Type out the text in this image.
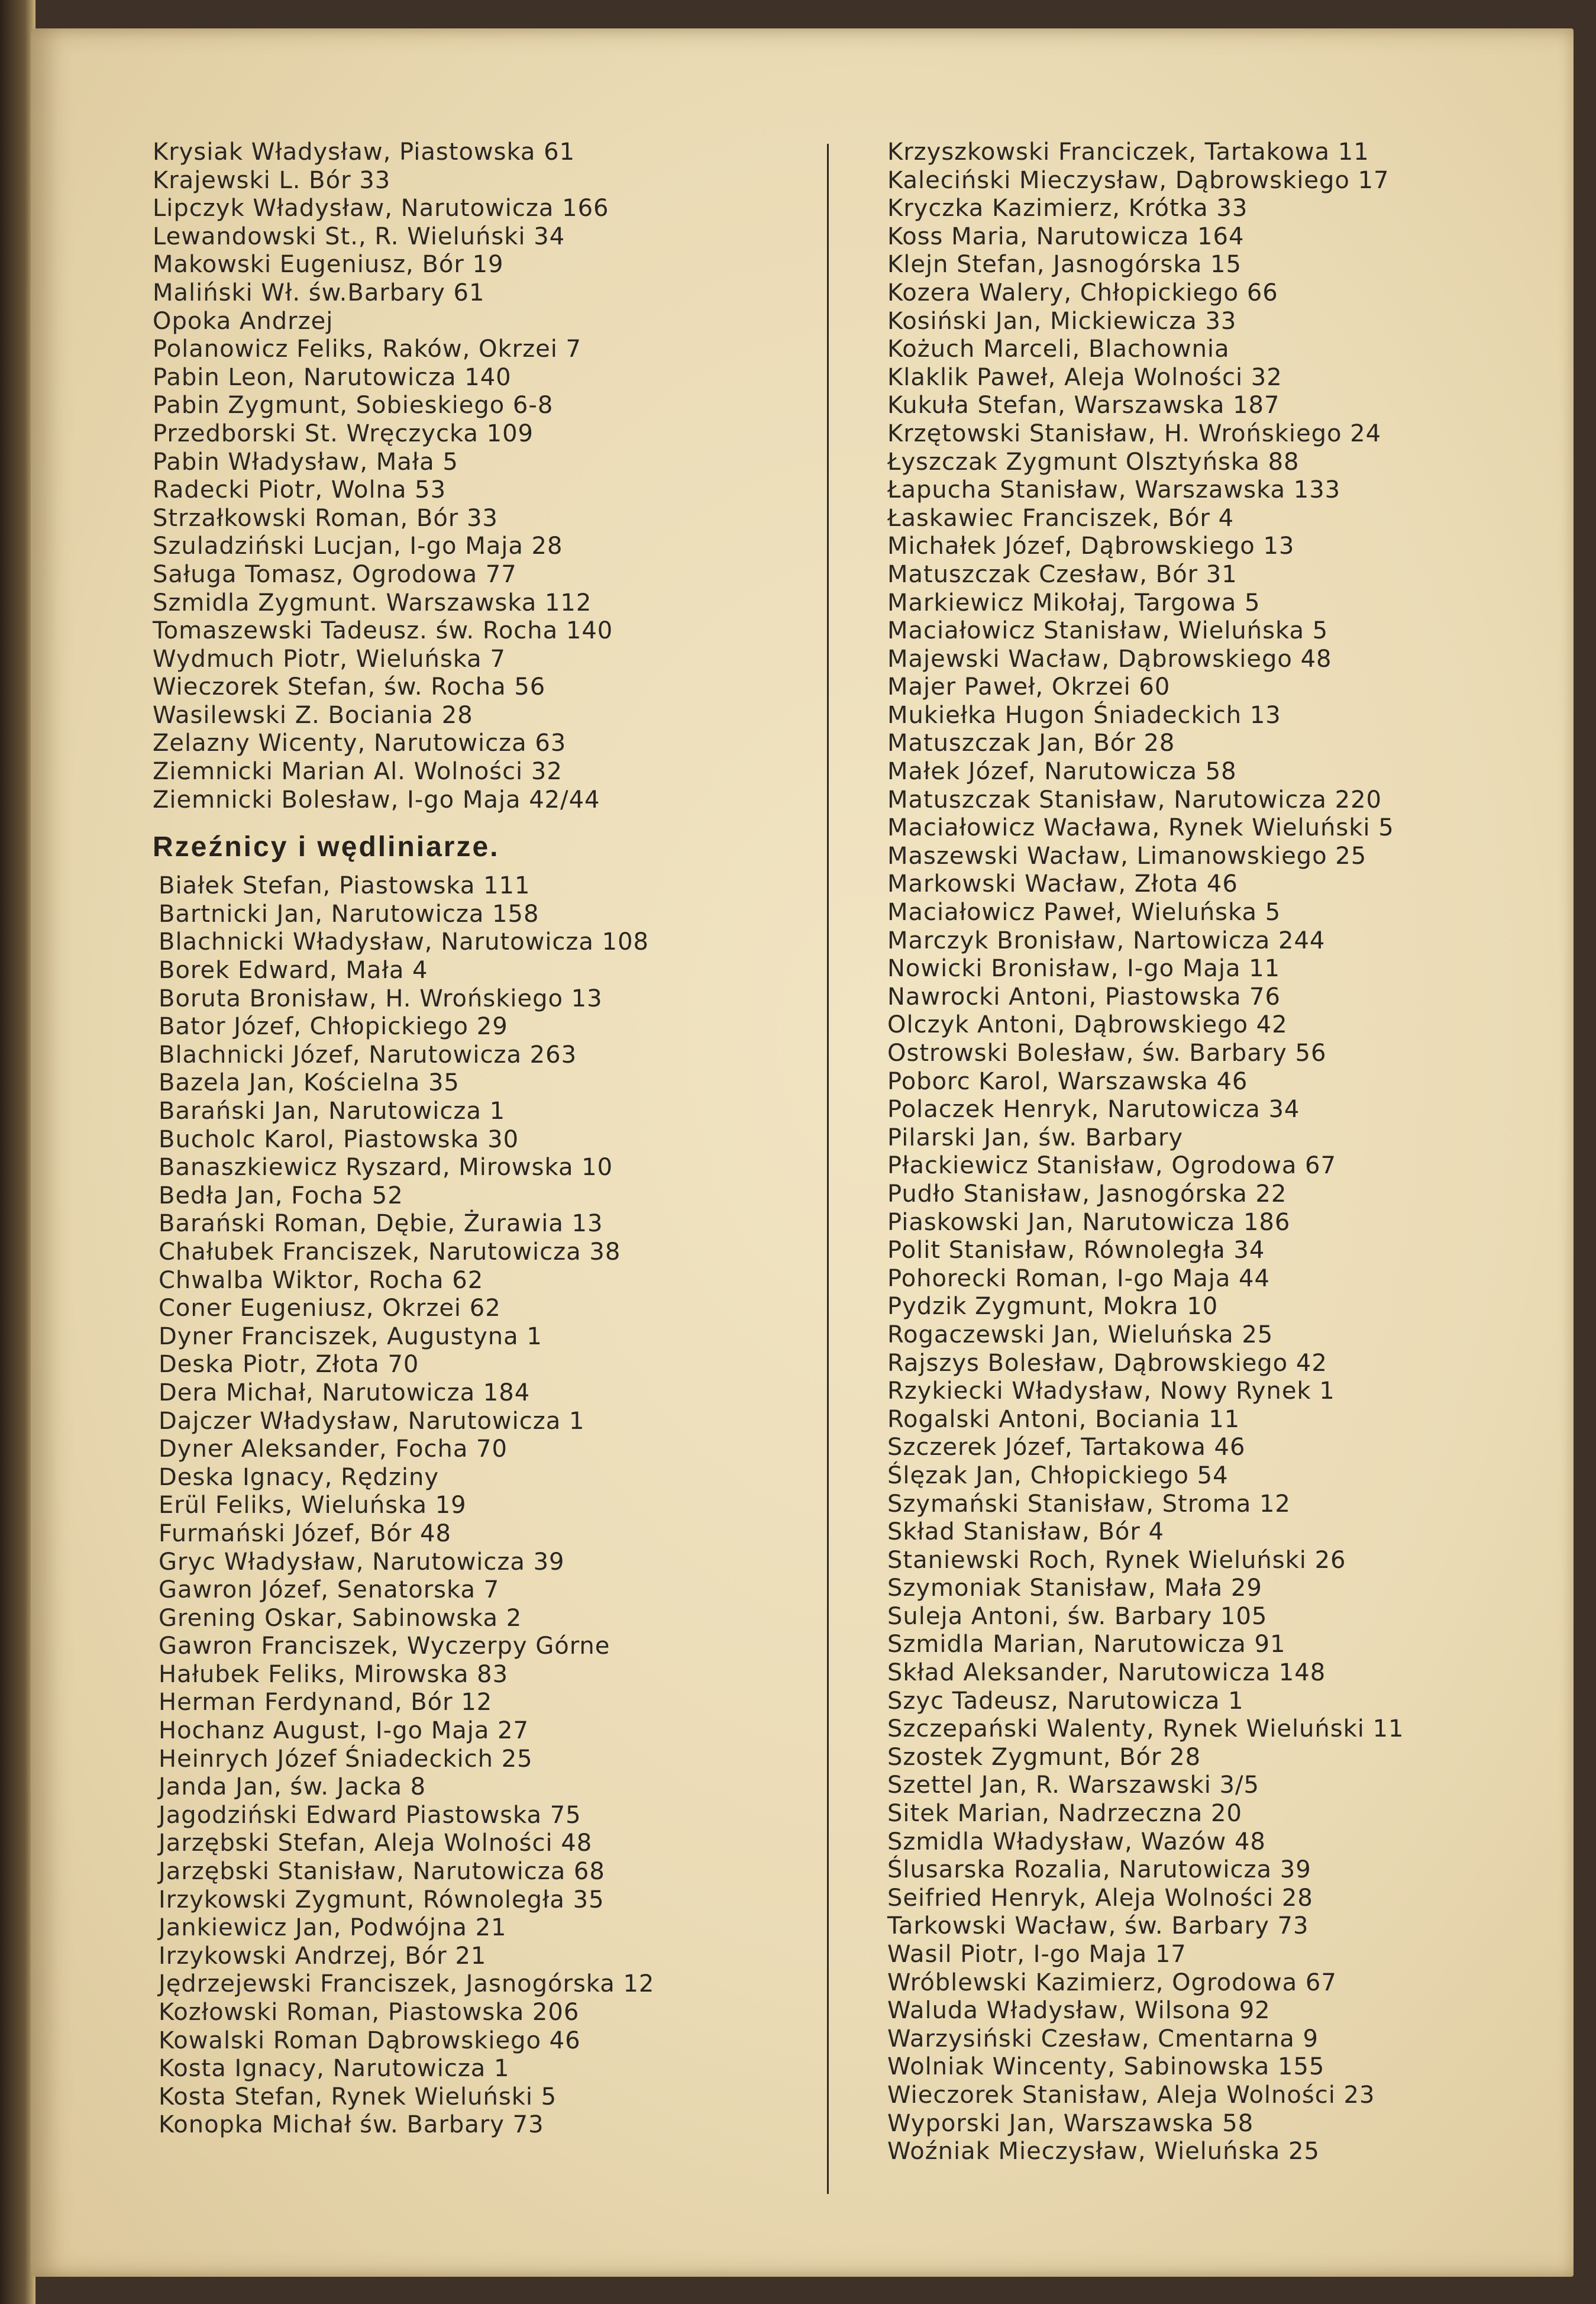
Krysiak Władysław, Piastowska 61
Krajewski L. Bór 33
Lipczyk Władysław, Narutowicza 166
Lewandowski St., R. Wieluński 34
Makowski Eugeniusz, Bór 19
Maliński Wł. św.Barbary 61
Opoka Andrzej
Polanowicz Feliks, Raków, Okrzei 7
Pabin Leon, Narutowicza 140
Pabin Zygmunt, Sobieskiego 6-8
Przedborski St. Wręczycka 109
Pabin Władysław, Mała 5
Radecki Piotr, Wolna 53
Strzałkowski Roman, Bór 33
Szuladziński Lucjan, I-go Maja 28
Saługa Tomasz, Ogrodowa 77
Szmidla Zygmunt. Warszawska 112
Tomaszewski Tadeusz. św. Rocha 140
Wydmuch Piotr, Wieluńska 7
Wieczorek Stefan, św. Rocha 56
Wasilewski Z. Bociania 28
Zelazny Wicenty, Narutowicza 63
Ziemnicki Marian Al. Wolności 32
Ziemnicki Bolesław, I-go Maja 42/44
Rzeźnicy i wędliniarze.
Białek Stefan, Piastowska 111
Bartnicki Jan, Narutowicza 158
Blachnicki Władysław, Narutowicza 108
Borek Edward, Mała 4
Boruta Bronisław, H. Wrońskiego 13
Bator Józef, Chłopickiego 29
Blachnicki Józef, Narutowicza 263
Bazela Jan, Kościelna 35
Barański Jan, Narutowicza 1
Bucholc Karol, Piastowska 30
Banaszkiewicz Ryszard, Mirowska 10
Bedła Jan, Focha 52
Barański Roman, Dębie, Żurawia 13
Chałubek Franciszek, Narutowicza 38
Chwalba Wiktor, Rocha 62
Coner Eugeniusz, Okrzei 62
Dyner Franciszek, Augustyna 1
Deska Piotr, Złota 70
Dera Michał, Narutowicza 184
Dajczer Władysław, Narutowicza 1
Dyner Aleksander, Focha 70
Deska Ignacy, Rędziny
Erül Feliks, Wieluńska 19
Furmański Józef, Bór 48
Gryc Władysław, Narutowicza 39
Gawron Józef, Senatorska 7
Grening Oskar, Sabinowska 2
Gawron Franciszek, Wyczerpy Górne
Hałubek Feliks, Mirowska 83
Herman Ferdynand, Bór 12
Hochanz August, I-go Maja 27
Heinrych Józef Śniadeckich 25
Janda Jan, św. Jacka 8
Jagodziński Edward Piastowska 75
Jarzębski Stefan, Aleja Wolności 48
Jarzębski Stanisław, Narutowicza 68
Irzykowski Zygmunt, Równoległa 35
Jankiewicz Jan, Podwójna 21
Irzykowski Andrzej, Bór 21
Jędrzejewski Franciszek, Jasnogórska 12
Kozłowski Roman, Piastowska 206
Kowalski Roman Dąbrowskiego 46
Kosta Ignacy, Narutowicza 1
Kosta Stefan, Rynek Wieluński 5
Konopka Michał św. Barbary 73
Krzyszkowski Franciczek, Tartakowa 11
Kaleciński Mieczysław, Dąbrowskiego 17
Kryczka Kazimierz, Krótka 33
Koss Maria, Narutowicza 164
Klejn Stefan, Jasnogórska 15
Kozera Walery, Chłopickiego 66
Kosiński Jan, Mickiewicza 33
Kożuch Marceli, Blachownia
Klaklik Paweł, Aleja Wolności 32
Kukuła Stefan, Warszawska 187
Krzętowski Stanisław, H. Wrońskiego 24
Łyszczak Zygmunt Olsztyńska 88
Łapucha Stanisław, Warszawska 133
Łaskawiec Franciszek, Bór 4
Michałek Józef, Dąbrowskiego 13
Matuszczak Czesław, Bór 31
Markiewicz Mikołaj, Targowa 5
Maciałowicz Stanisław, Wieluńska 5
Majewski Wacław, Dąbrowskiego 48
Majer Paweł, Okrzei 60
Mukiełka Hugon Śniadeckich 13
Matuszczak Jan, Bór 28
Małek Józef, Narutowicza 58
Matuszczak Stanisław, Narutowicza 220
Maciałowicz Wacława, Rynek Wieluński 5
Maszewski Wacław, Limanowskiego 25
Markowski Wacław, Złota 46
Maciałowicz Paweł, Wieluńska 5
Marczyk Bronisław, Nartowicza 244
Nowicki Bronisław, I-go Maja 11
Nawrocki Antoni, Piastowska 76
Olczyk Antoni, Dąbrowskiego 42
Ostrowski Bolesław, św. Barbary 56
Poborc Karol, Warszawska 46
Polaczek Henryk, Narutowicza 34
Pilarski Jan, św. Barbary
Płackiewicz Stanisław, Ogrodowa 67
Pudło Stanisław, Jasnogórska 22
Piaskowski Jan, Narutowicza 186
Polit Stanisław, Równoległa 34
Pohorecki Roman, I-go Maja 44
Pydzik Zygmunt, Mokra 10
Rogaczewski Jan, Wieluńska 25
Rajszys Bolesław, Dąbrowskiego 42
Rzykiecki Władysław, Nowy Rynek 1
Rogalski Antoni, Bociania 11
Szczerek Józef, Tartakowa 46
Ślęzak Jan, Chłopickiego 54
Szymański Stanisław, Stroma 12
Skład Stanisław, Bór 4
Staniewski Roch, Rynek Wieluński 26
Szymoniak Stanisław, Mała 29
Suleja Antoni, św. Barbary 105
Szmidla Marian, Narutowicza 91
Skład Aleksander, Narutowicza 148
Szyc Tadeusz, Narutowicza 1
Szczepański Walenty, Rynek Wieluński 11
Szostek Zygmunt, Bór 28
Szettel Jan, R. Warszawski 3/5
Sitek Marian, Nadrzeczna 20
Szmidla Władysław, Wazów 48
Ślusarska Rozalia, Narutowicza 39
Seifried Henryk, Aleja Wolności 28
Tarkowski Wacław, św. Barbary 73
Wasil Piotr, I-go Maja 17
Wróblewski Kazimierz, Ogrodowa 67
Waluda Władysław, Wilsona 92
Warzysiński Czesław, Cmentarna 9
Wolniak Wincenty, Sabinowska 155
Wieczorek Stanisław, Aleja Wolności 23
Wyporski Jan, Warszawska 58
Woźniak Mieczysław, Wieluńska 25
